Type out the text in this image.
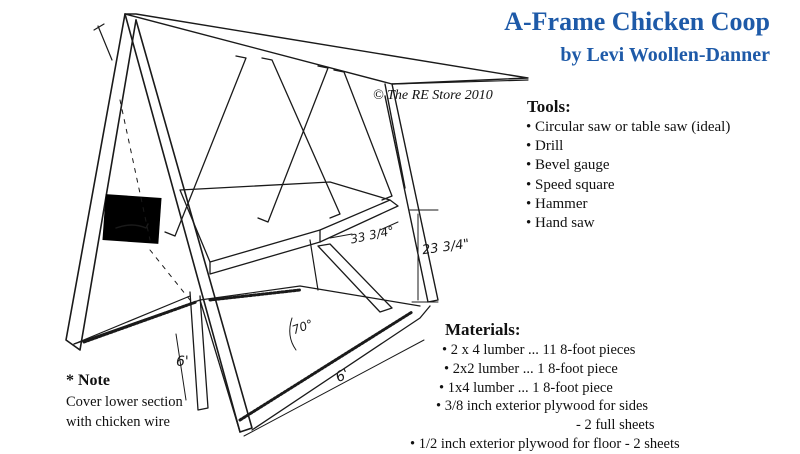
A-Frame Chicken Coop
by Levi Woollen-Danner
© The RE Store 2010
Tools:
• Circular saw or table saw (ideal)
• Drill
• Bevel gauge
• Speed square
• Hammer
• Hand saw
Materials:
• 2 x 4 lumber ... 11 8-foot pieces
• 2x2 lumber ... 1 8-foot piece
• 1x4 lumber ... 1 8-foot piece
• 3/8 inch exterior plywood for sides
- 2 full sheets
• 1/2 inch exterior plywood for floor - 2 sheets
* Note
Cover lower section with chicken wire
33 3/4°
23 3/4"
70°
6'
6'
